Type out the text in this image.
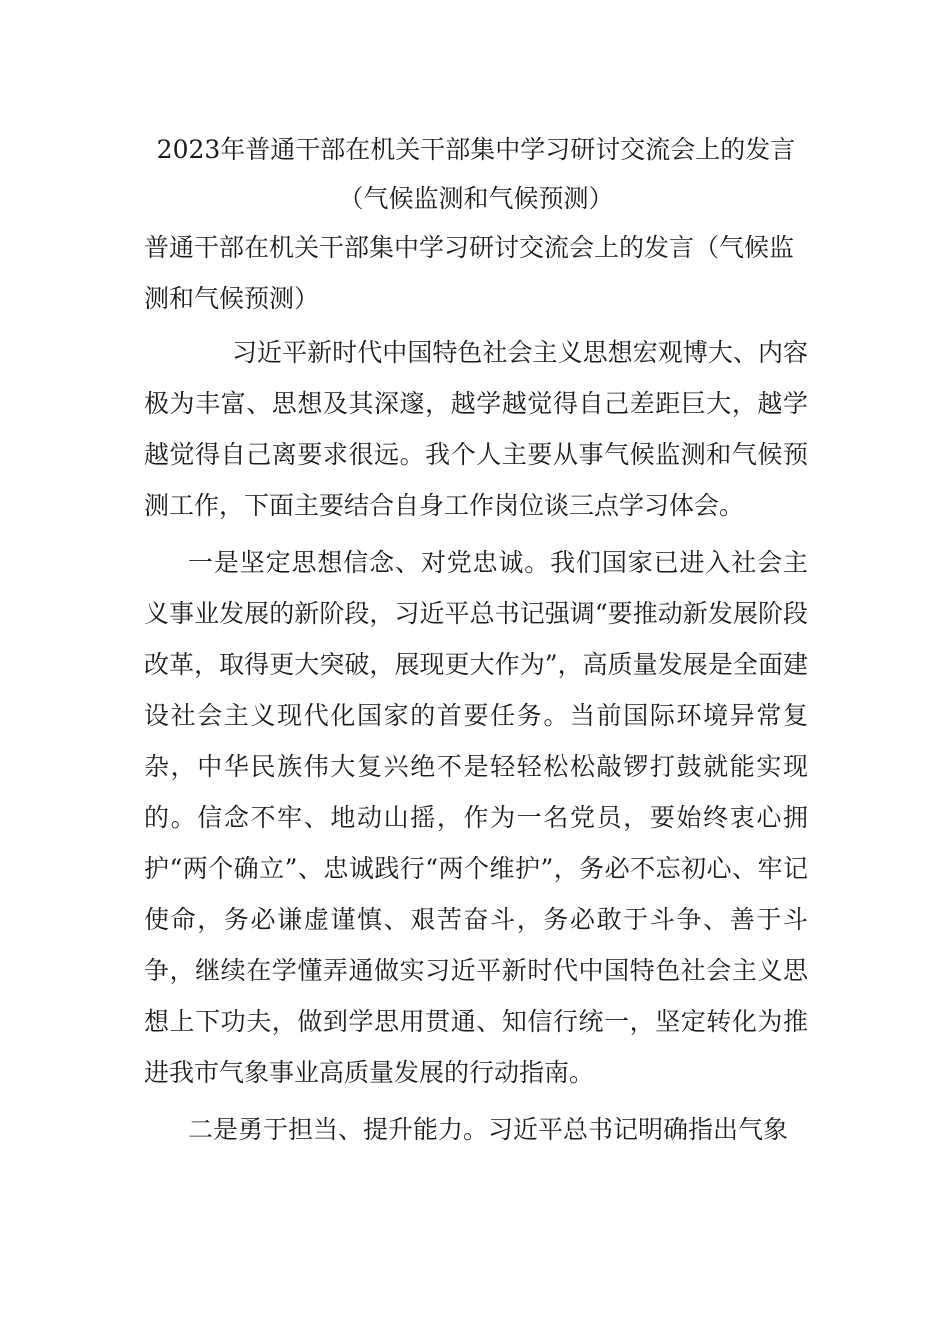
2023年普通干部在机关干部集中学习研讨交流会上的发言
（气候监测和气候预测）

普通干部在机关干部集中学习研讨交流会上的发言（气候监测和气候预测）

习近平新时代中国特色社会主义思想宏观博大、内容极为丰富、思想及其深邃，越学越觉得自己差距巨大，越学越觉得自己离要求很远。我个人主要从事气候监测和气候预测工作，下面主要结合自身工作岗位谈三点学习体会。

一是坚定思想信念、对党忠诚。我们国家已进入社会主义事业发展的新阶段，习近平总书记强调“要推动新发展阶段改革，取得更大突破，展现更大作为”，高质量发展是全面建设社会主义现代化国家的首要任务。当前国际环境异常复杂，中华民族伟大复兴绝不是轻轻松松敲锣打鼓就能实现的。信念不牢、地动山摇，作为一名党员，要始终衷心拥护“两个确立”、忠诚践行“两个维护”，务必不忘初心、牢记使命，务必谦虚谨慎、艰苦奋斗，务必敢于斗争、善于斗争，继续在学懂弄通做实习近平新时代中国特色社会主义思想上下功夫，做到学思用贯通、知信行统一，坚定转化为推进我市气象事业高质量发展的行动指南。

二是勇于担当、提升能力。习近平总书记明确指出气象
